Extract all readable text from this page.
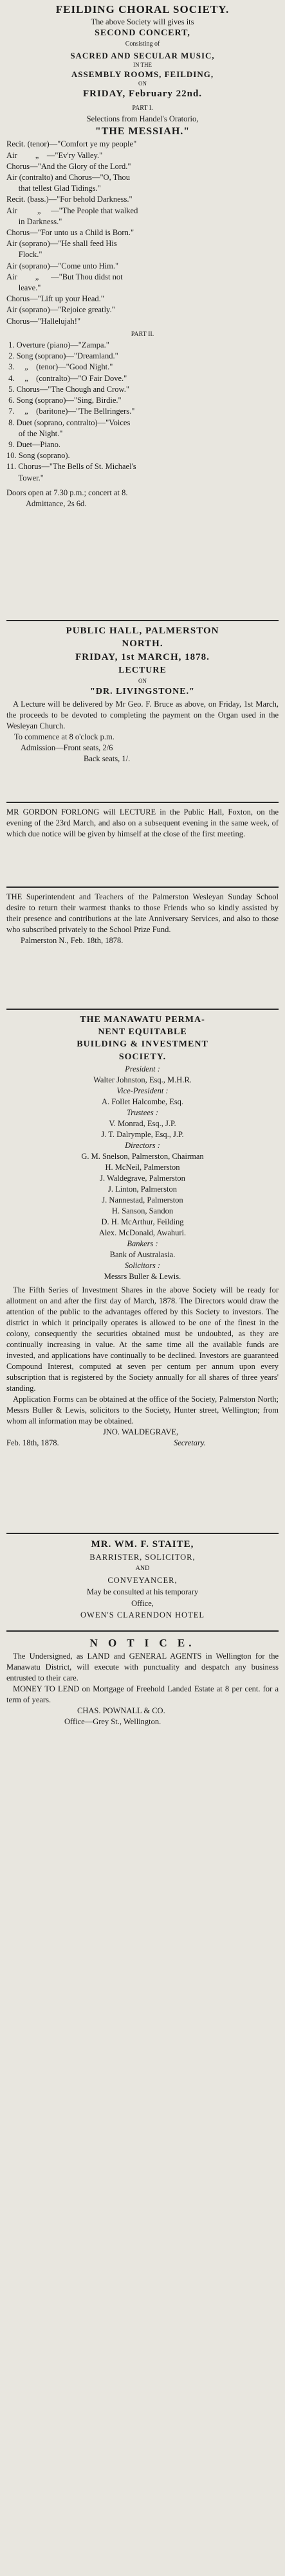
FEILDING CHORAL SOCIETY.
The above Society will gives its
SECOND CONCERT,
Consisting of
SACRED AND SECULAR MUSIC,
IN THE
ASSEMBLY ROOMS, FEILDING,
ON
FRIDAY, February 22nd.
PART I.
Selections from Handel's Oratorio,
"THE MESSIAH."
Recit. (tenor)—"Comfort ye my people"
Air         „    —"Ev'ry Valley."
Chorus—"And the Glory of the Lord."
Air (contralto) and Chorus—"O, Thou
that tellest Glad Tidings."
Recit. (bass.)—"For behold Darkness."
Air          „     —"The People that walked
in Darkness."
Chorus—"For unto us a Child is Born."
Air (soprano)—"He shall feed His
Flock."
Air (soprano)—"Come unto Him."
Air         „      —"But Thou didst not
leave."
Chorus—"Lift up your Head."
Air (soprano)—"Rejoice greatly."
Chorus—"Hallelujah!"
PART II.
1. Overture (piano)—"Zampa."
2. Song (soprano)—"Dreamland."
3.     „    (tenor)—"Good Night."
4.     „    (contralto)—"O Fair Dove."
5. Chorus—"The Chough and Crow."
6. Song (soprano)—"Sing, Birdie."
7.     „    (baritone)—"The Bellringers."
8. Duet (soprano, contralto)—"Voices
of the Night."
9. Duet—Piano.
10. Song (soprano).
11. Chorus—"The Bells of St. Michael's
Tower."
Doors open at 7.30 p.m.; concert at 8.
Admittance, 2s 6d.
PUBLIC HALL, PALMERSTON
NORTH.
FRIDAY, 1st MARCH, 1878.
LECTURE
ON
"DR. LIVINGSTONE."
A Lecture will be delivered by Mr Geo. F. Bruce as above, on Friday, 1st March, the proceeds to be devoted to completing the payment on the Organ used in the Wesleyan Church.
To commence at 8 o'clock p.m.
Admission—Front seats, 2/6
Back seats, 1/.
MR GORDON FORLONG will LECTURE in the Public Hall, Foxton, on the evening of the 23rd March, and also on a subsequent evening in the same week, of which due notice will be given by himself at the close of the first meeting.
THE Superintendent and Teachers of the Palmerston Wesleyan Sunday School desire to return their warmest thanks to those Friends who so kindly assisted by their presence and contributions at the late Anniversary Services, and also to those who subscribed privately to the School Prize Fund.
Palmerston N., Feb. 18th, 1878.
THE MANAWATU PERMA-
NENT EQUITABLE
BUILDING & INVESTMENT
SOCIETY.
President :
Walter Johnston, Esq., M.H.R.
Vice-President :
A. Follet Halcombe, Esq.
Trustees :
V. Monrad, Esq., J.P.
J. T. Dalrymple, Esq., J.P.
Directors :
G. M. Snelson, Palmerston, Chairman
H. McNeil, Palmerston
J. Waldegrave, Palmerston
J. Linton, Palmerston
J. Nannestad, Palmerston
H. Sanson, Sandon
D. H. McArthur, Feilding
Alex. McDonald, Awahuri.
Bankers :
Bank of Australasia.
Solicitors :
Messrs Buller & Lewis.
The Fifth Series of Investment Shares in the above Society will be ready for allotment on and after the first day of March, 1878. The Directors would draw the attention of the public to the advantages offered by this Society to investors. The district in which it principally operates is allowed to be one of the finest in the colony, consequently the securities obtained must be undoubted, as they are continually increasing in value. At the same time all the available funds are invested, and applications have continually to be declined. Investors are guaranteed Compound Interest, computed at seven per centum per annum upon every subscription that is registered by the Society annually for all shares of three years' standing.
Application Forms can be obtained at the office of the Society, Palmerston North; Messrs Buller & Lewis, solicitors to the Society, Hunter street, Wellington; from whom all information may be obtained.
JNO. WALDEGRAVE,
Secretary.
Feb. 18th, 1878.
MR. WM. F. STAITE,
BARRISTER, SOLICITOR,
AND
CONVEYANCER,
May be consulted at his temporary
Office,
OWEN'S CLARENDON HOTEL
N O T I C E.
The Undersigned, as LAND and GENERAL AGENTS in Wellington for the Manawatu District, will execute with punctuality and despatch any business entrusted to their care.
MONEY TO LEND on Mortgage of Freehold Landed Estate at 8 per cent. for a term of years.
CHAS. POWNALL & CO.
Office—Grey St., Wellington.
